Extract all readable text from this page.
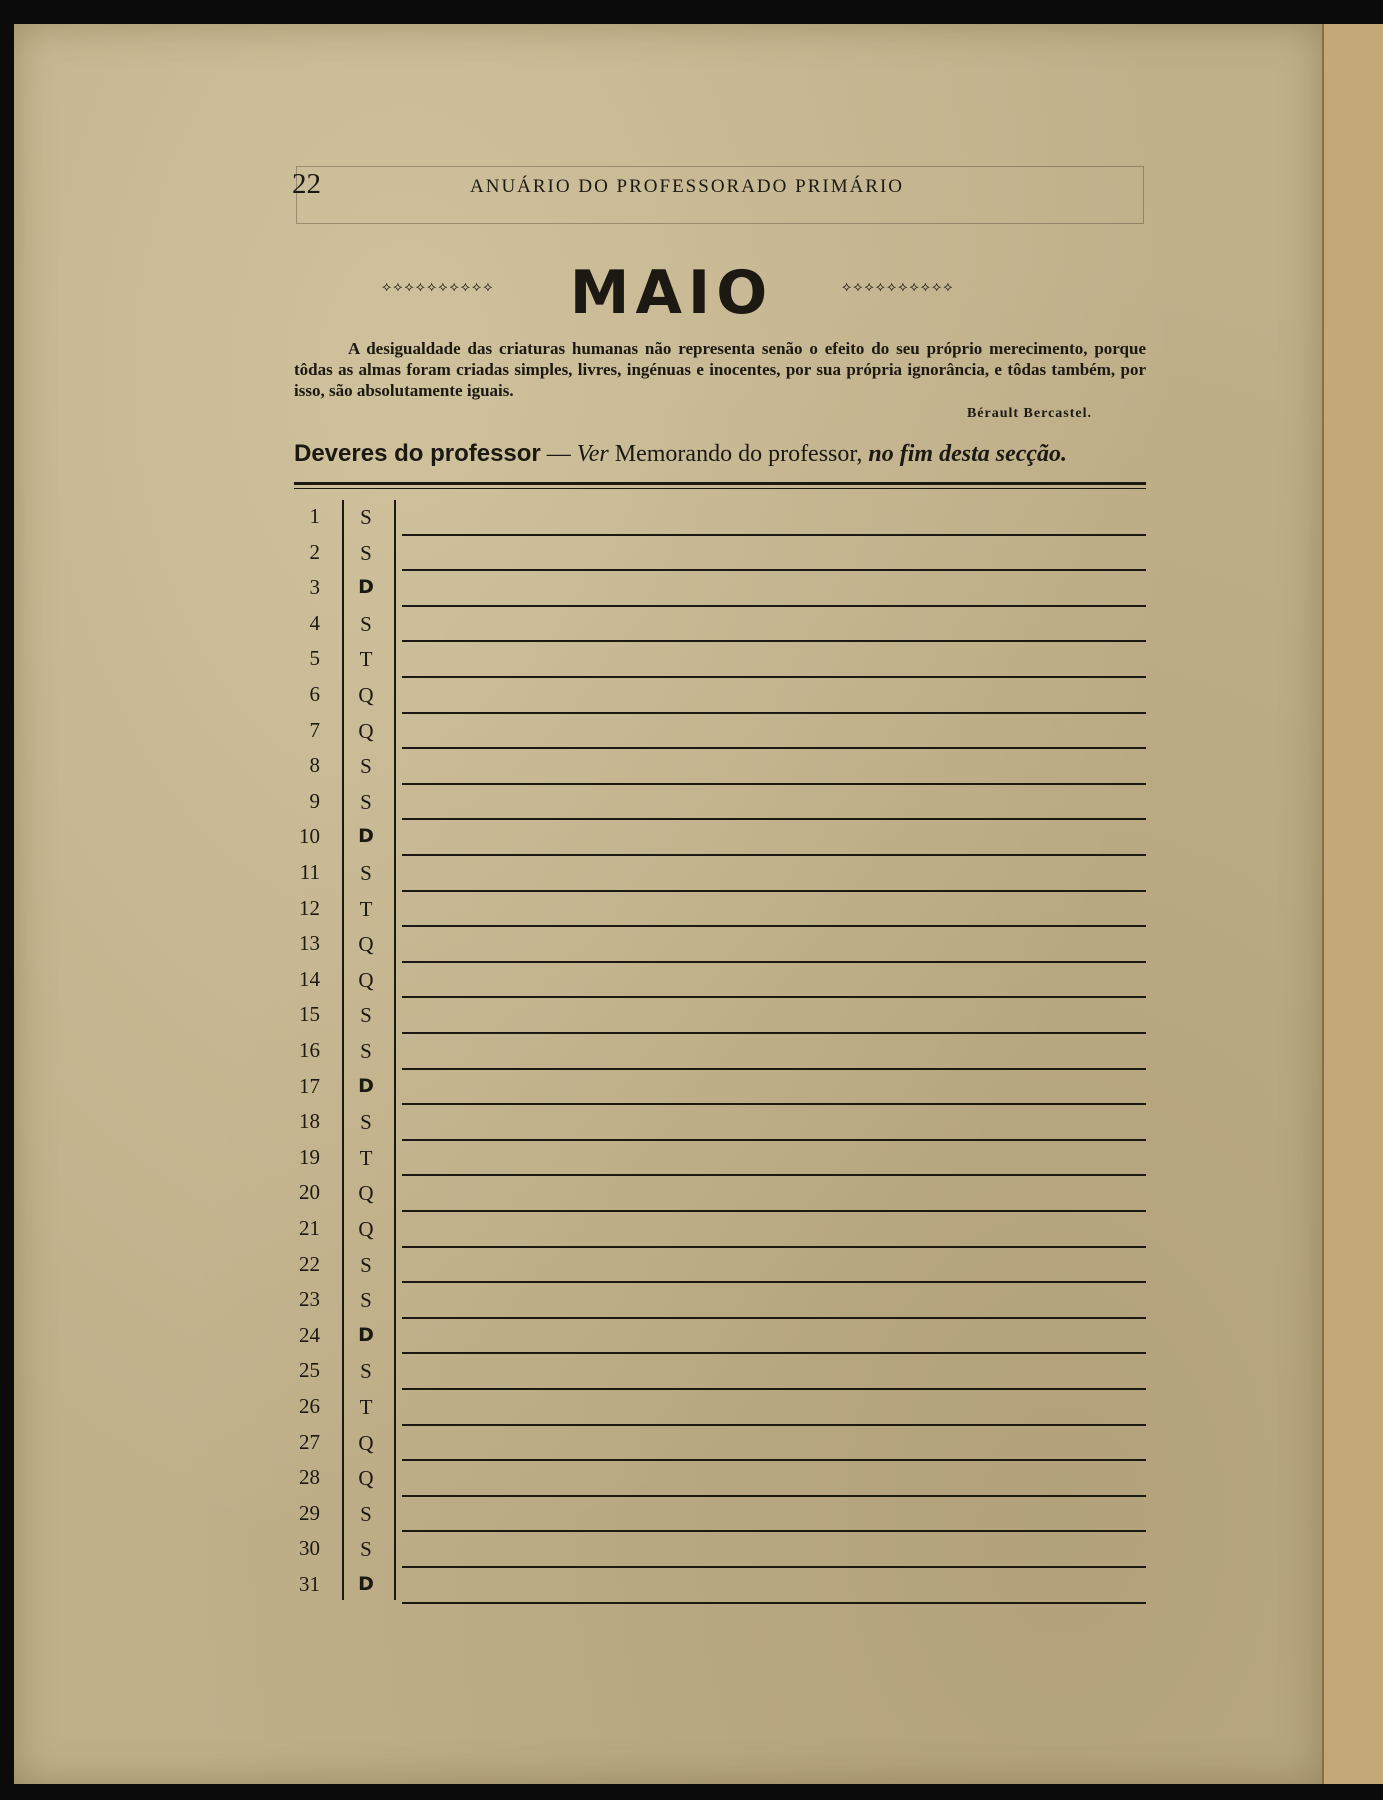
22	ANUÁRIO DO PROFESSORADO PRIMÁRIO
⟡⟡⟡⟡⟡⟡⟡⟡⟡⟡	MAIO	⟡⟡⟡⟡⟡⟡⟡⟡⟡⟡
A desigualdade das criaturas humanas não representa senão o efeito do seu próprio merecimento, porque tôdas as almas foram criadas simples, livres, ingénuas e inocentes, por sua própria ignorância, e tôdas também, por isso, são absolutamente iguais.
Bérault Bercastel.
Deveres do professor — Ver Memorando do professor, no fim desta secção.
1 S
2 S
3 D
4 S
5 T
6 Q
7 Q
8 S
9 S
10 D
11 S
12 T
13 Q
14 Q
15 S
16 S
17 D
18 S
19 T
20 Q
21 Q
22 S
23 S
24 D
25 S
26 T
27 Q
28 Q
29 S
30 S
31 D
